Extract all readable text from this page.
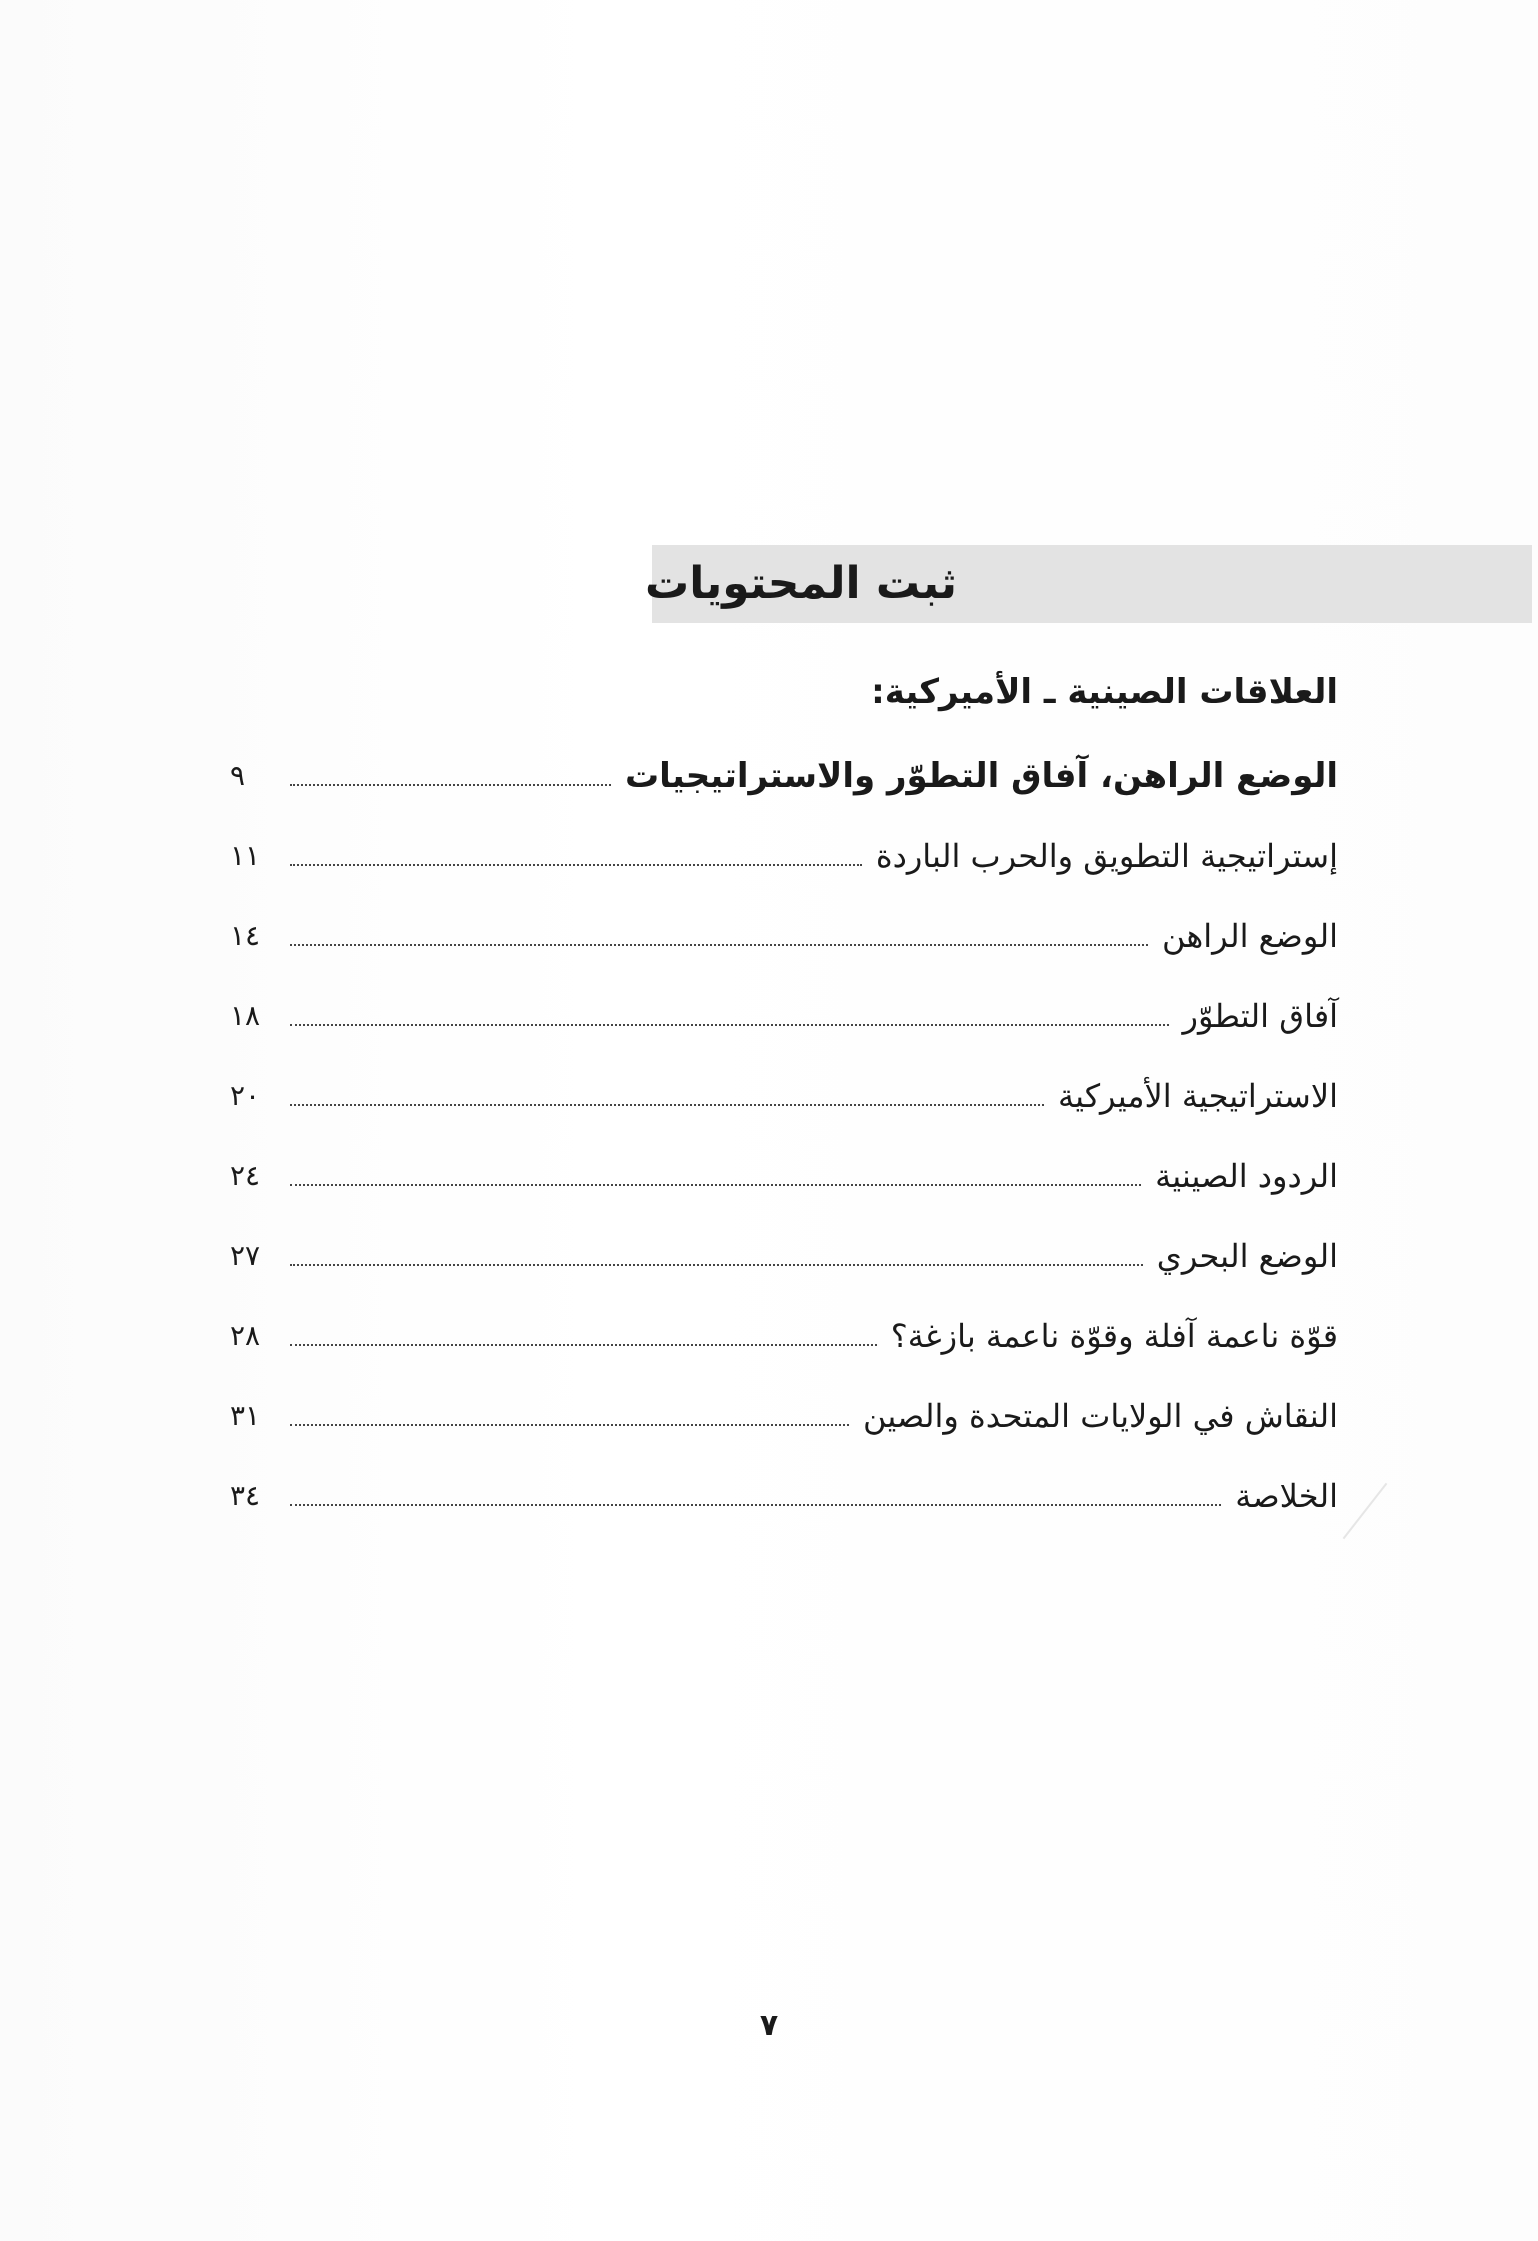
ثبت المحتويات
العلاقات الصينية ـ الأميركية:
الوضع الراهن، آفاق التطوّر والاستراتيجيات
٩
إستراتيجية التطويق والحرب الباردة
١١
الوضع الراهن
١٤
آفاق التطوّر
١٨
الاستراتيجية الأميركية
٢٠
الردود الصينية
٢٤
الوضع البحري
٢٧
قوّة ناعمة آفلة وقوّة ناعمة بازغة؟
٢٨
النقاش في الولايات المتحدة والصين
٣١
الخلاصة
٣٤
٧
